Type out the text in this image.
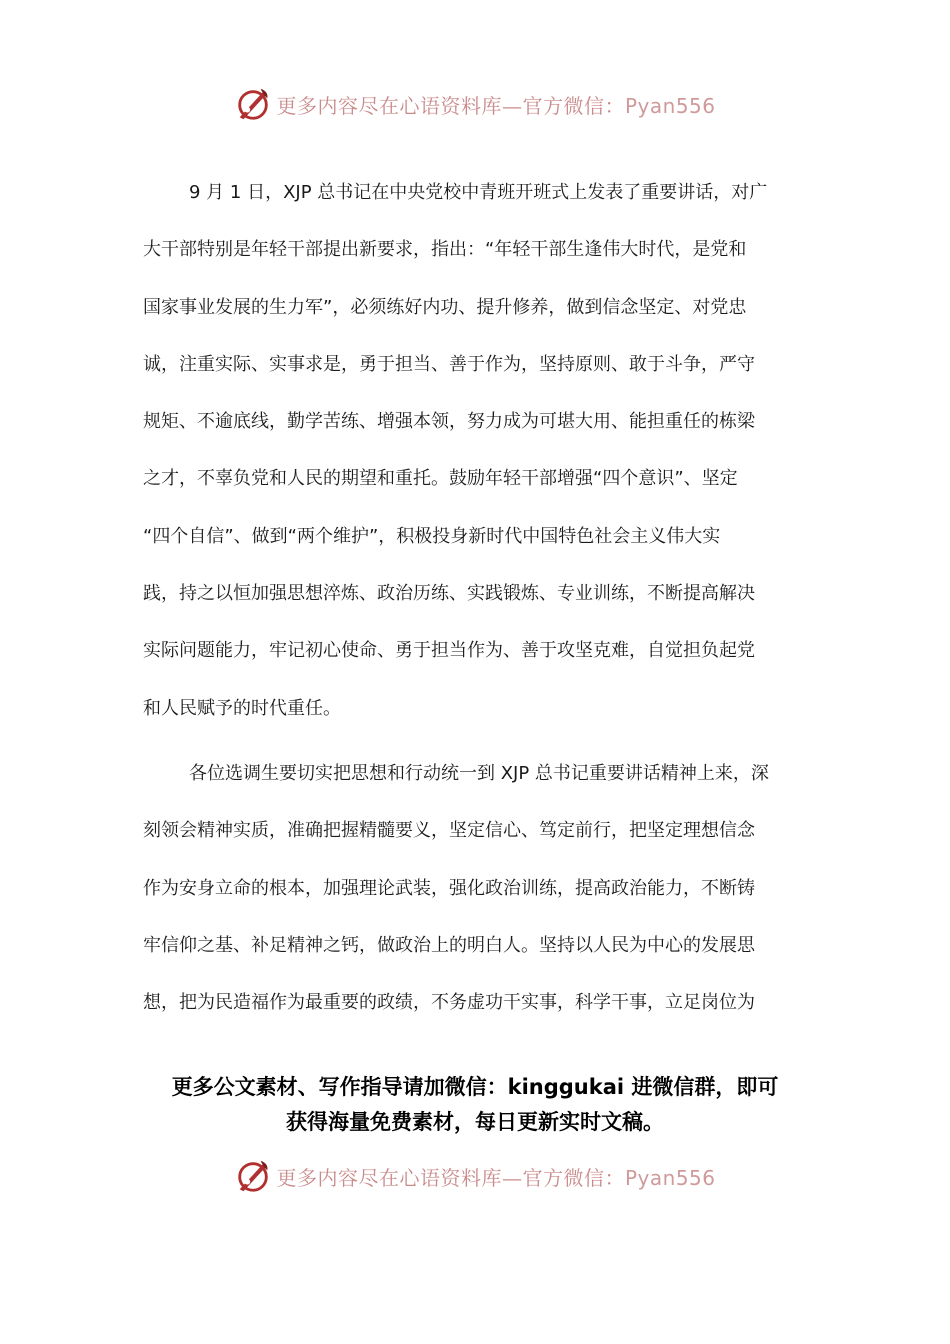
更多内容尽在心语资料库—官方微信：Pyan556
9 月 1 日，XJP 总书记在中央党校中青班开班式上发表了重要讲话，对广
大干部特别是年轻干部提出新要求，指出：“年轻干部生逢伟大时代，是党和
国家事业发展的生力军”，必须练好内功、提升修养，做到信念坚定、对党忠
诚，注重实际、实事求是，勇于担当、善于作为，坚持原则、敢于斗争，严守
规矩、不逾底线，勤学苦练、增强本领，努力成为可堪大用、能担重任的栋梁
之才，不辜负党和人民的期望和重托。鼓励年轻干部增强“四个意识”、坚定
“四个自信”、做到“两个维护”，积极投身新时代中国特色社会主义伟大实
践，持之以恒加强思想淬炼、政治历练、实践锻炼、专业训练，不断提高解决
实际问题能力，牢记初心使命、勇于担当作为、善于攻坚克难，自觉担负起党
和人民赋予的时代重任。
各位选调生要切实把思想和行动统一到 XJP 总书记重要讲话精神上来，深
刻领会精神实质，准确把握精髓要义，坚定信心、笃定前行，把坚定理想信念
作为安身立命的根本，加强理论武装，强化政治训练，提高政治能力，不断铸
牢信仰之基、补足精神之钙，做政治上的明白人。坚持以人民为中心的发展思
想，把为民造福作为最重要的政绩，不务虚功干实事，科学干事，立足岗位为
更多公文素材、写作指导请加微信：kinggukai 进微信群，即可
获得海量免费素材，每日更新实时文稿。
更多内容尽在心语资料库—官方微信：Pyan556
